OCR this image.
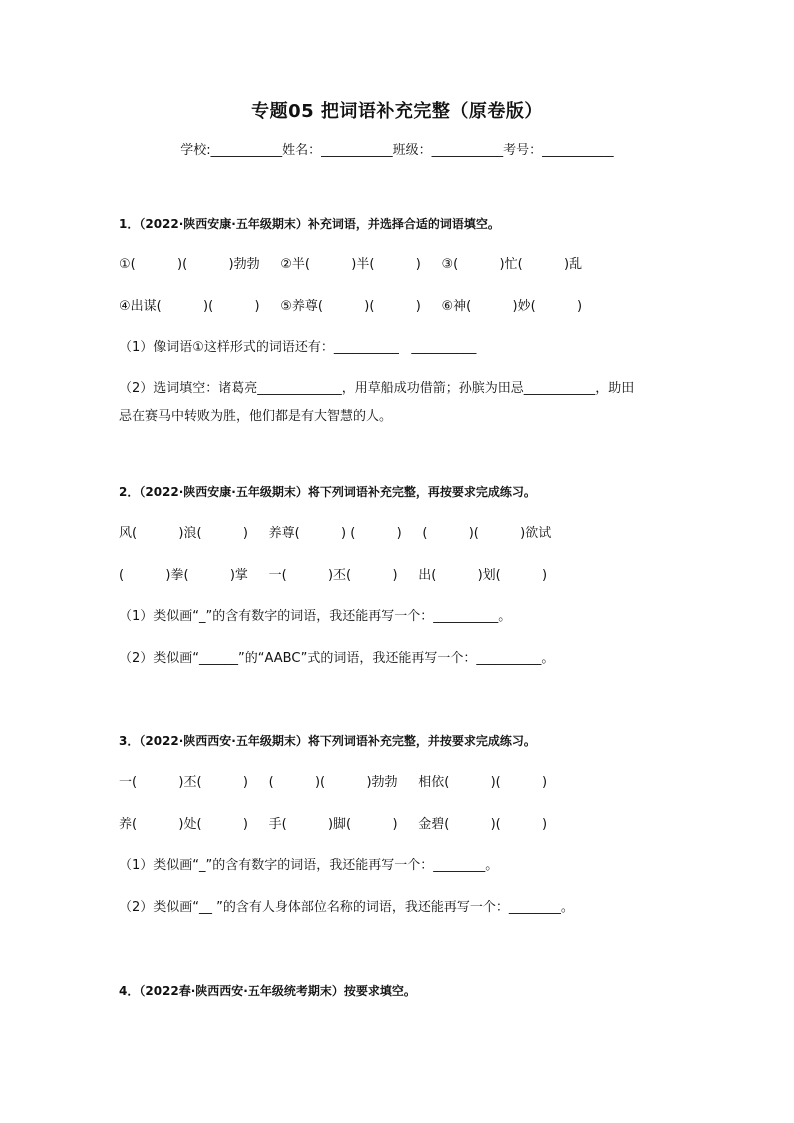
专题05 把词语补充完整（原卷版）
学校:___________姓名：___________班级：___________考号：___________
1．（2022·陕西安康·五年级期末）补充词语，并选择合适的词语填空。
①(          )(          )勃勃     ②半(          )半(          )     ③(          )忙(          )乱
④出谋(          )(          )     ⑤养尊(          )(          )     ⑥神(          )妙(          )
（1）像词语①这样形式的词语还有：__________   __________
（2）选词填空：诸葛亮_____________，用草船成功借箭；孙膑为田忌___________，助田
忌在赛马中转败为胜，他们都是有大智慧的人。
2．（2022·陕西安康·五年级期末）将下列词语补充完整，再按要求完成练习。
风(          )浪(          )     养尊(          ) (          )     (          )(          )欲试
(          )拳(          )掌     一(          )丕(          )     出(          )划(          )
（1）类似画“_”的含有数字的词语，我还能再写一个：__________。
（2）类似画“______”的“AABC”式的词语，我还能再写一个：__________。
3．（2022·陕西西安·五年级期末）将下列词语补充完整，并按要求完成练习。
一(          )丕(          )     (          )(          )勃勃     相依(          )(          )
养(          )处(          )     手(          )脚(          )     金碧(          )(          )
（1）类似画“_”的含有数字的词语，我还能再写一个：________。
（2）类似画“__ ”的含有人身体部位名称的词语，我还能再写一个：________。
4．（2022春·陕西西安·五年级统考期末）按要求填空。
